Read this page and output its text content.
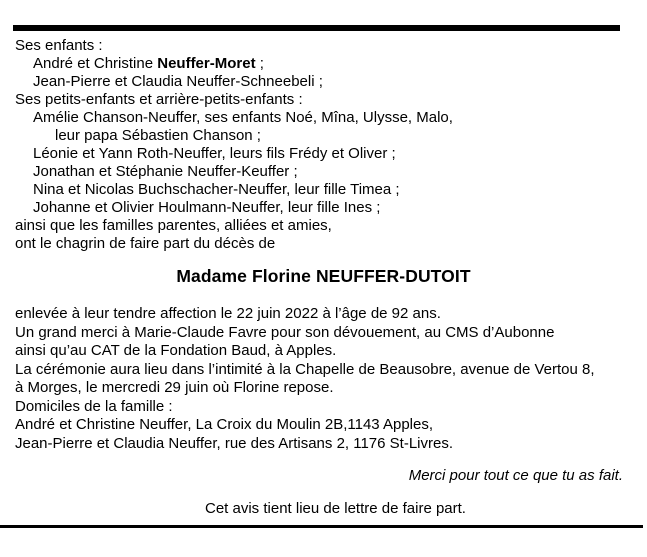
Ses enfants :
André et Christine Neuffer-Moret ;
Jean-Pierre et Claudia Neuffer-Schneebeli ;
Ses petits-enfants et arrière-petits-enfants :
Amélie Chanson-Neuffer, ses enfants Noé, Mîna, Ulysse, Malo,
leur papa Sébastien Chanson ;
Léonie et Yann Roth-Neuffer, leurs fils Frédy et Oliver ;
Jonathan et Stéphanie Neuffer-Keuffer ;
Nina et Nicolas Buchschacher-Neuffer, leur fille Timea ;
Johanne et Olivier Houlmann-Neuffer, leur fille Ines ;
ainsi que les familles parentes, alliées et amies,
ont le chagrin de faire part du décès de
Madame Florine NEUFFER-DUTOIT
enlevée à leur tendre affection le 22 juin 2022 à l’âge de 92 ans.
Un grand merci à Marie-Claude Favre pour son dévouement, au CMS d’Aubonne
ainsi qu’au CAT de la Fondation Baud, à Apples.
La cérémonie aura lieu dans l’intimité à la Chapelle de Beausobre, avenue de Vertou 8,
à Morges, le mercredi 29 juin où Florine repose.
Domiciles de la famille :
André et Christine Neuffer, La Croix du Moulin 2B,1143 Apples,
Jean-Pierre et Claudia Neuffer, rue des Artisans 2, 1176 St-Livres.
Merci pour tout ce que tu as fait.
Cet avis tient lieu de lettre de faire part.
